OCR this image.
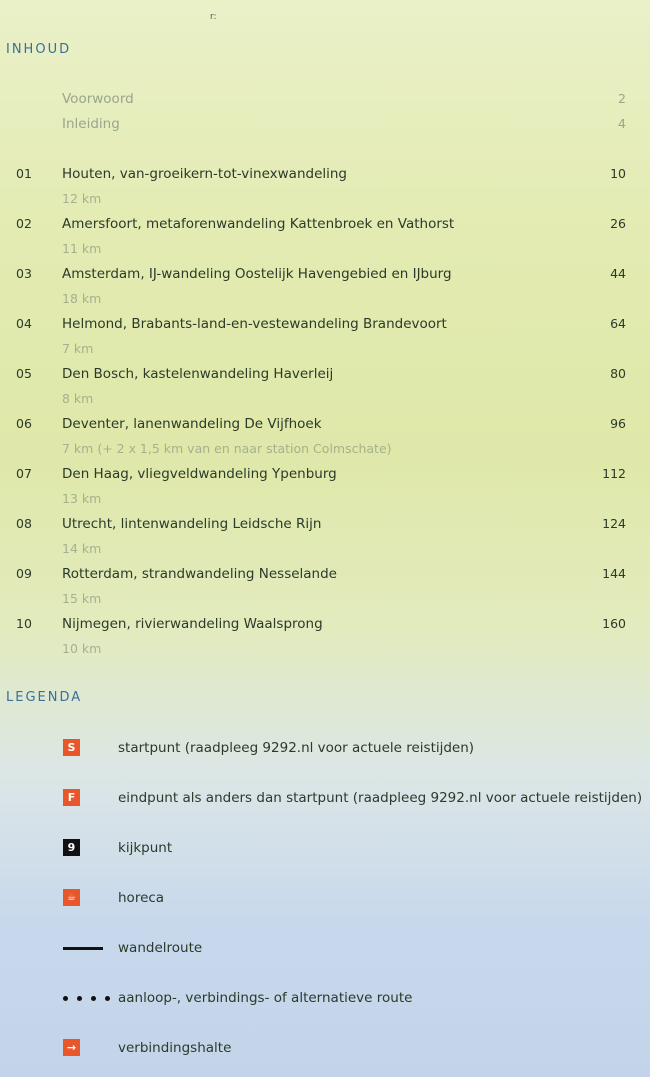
r:
INHOUD
Voorwoord	2
Inleiding	4
01 Houten, van-groeikern-tot-vinexwandeling	10
12 km
02 Amersfoort, metaforenwandeling Kattenbroek en Vathorst	26
11 km
03 Amsterdam, IJ-wandeling Oostelijk Havengebied en IJburg	44
18 km
04 Helmond, Brabants-land-en-vestewandeling Brandevoort	64
7 km
05 Den Bosch, kastelenwandeling Haverleij	80
8 km
06 Deventer, lanenwandeling De Vijfhoek	96
7 km (+ 2 x 1,5 km van en naar station Colmschate)
07 Den Haag, vliegveldwandeling Ypenburg	112
13 km
08 Utrecht, lintenwandeling Leidsche Rijn	124
14 km
09 Rotterdam, strandwandeling Nesselande	144
15 km
10 Nijmegen, rivierwandeling Waalsprong	160
10 km
LEGENDA
S	startpunt (raadpleeg 9292.nl voor actuele reistijden)
F	eindpunt als anders dan startpunt (raadpleeg 9292.nl voor actuele reistijden)
9	kijkpunt
☕	horeca
wandelroute
aanloop-, verbindings- of alternatieve route
→	verbindingshalte
